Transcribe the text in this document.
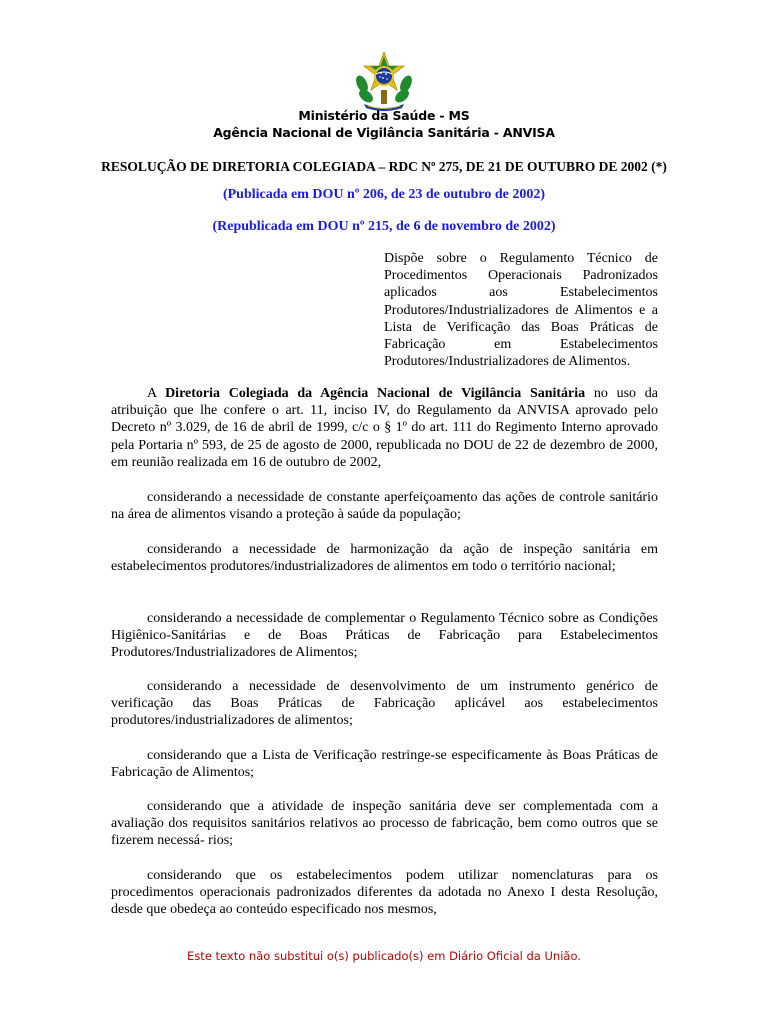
Ministério da Saúde - MS
Agência Nacional de Vigilância Sanitária - ANVISA
RESOLUÇÃO DE DIRETORIA COLEGIADA – RDC Nº 275, DE 21 DE OUTUBRO DE 2002 (*)
(Publicada em DOU nº 206, de 23 de outubro de 2002)
(Republicada em DOU nº 215, de 6 de novembro de 2002)
Dispõe sobre o Regulamento Técnico de Procedimentos Operacionais Padronizados aplicados aos Estabelecimentos Produtores/Industrializadores de Alimentos e a Lista de Verificação das Boas Práticas de Fabricação em Estabelecimentos Produtores/Industrializadores de Alimentos.

A Diretoria Colegiada da Agência Nacional de Vigilância Sanitária no uso da atribuição que lhe confere o art. 11, inciso IV, do Regulamento da ANVISA aprovado pelo Decreto nº 3.029, de 16 de abril de 1999, c/c o § 1º do art. 111 do Regimento Interno aprovado pela Portaria nº 593, de 25 de agosto de 2000, republicada no DOU de 22 de dezembro de 2000, em reunião realizada em 16 de outubro de 2002,

considerando a necessidade de constante aperfeiçoamento das ações de controle sanitário na área de alimentos visando a proteção à saúde da população;

considerando a necessidade de harmonização da ação de inspeção sanitária em estabelecimentos produtores/industrializadores de alimentos em todo o território nacional;

considerando a necessidade de complementar o Regulamento Técnico sobre as Condições Higiênico-Sanitárias e de Boas Práticas de Fabricação para Estabelecimentos Produtores/Industrializadores de Alimentos;

considerando a necessidade de desenvolvimento de um instrumento genérico de verificação das Boas Práticas de Fabricação aplicável aos estabelecimentos produtores/industrializadores de alimentos;

considerando que a Lista de Verificação restringe-se especificamente às Boas Práticas de Fabricação de Alimentos;

considerando que a atividade de inspeção sanitária deve ser complementada com a avaliação dos requisitos sanitários relativos ao processo de fabricação, bem como outros que se fizerem necessá- rios;

considerando que os estabelecimentos podem utilizar nomenclaturas para os procedimentos operacionais padronizados diferentes da adotada no Anexo I desta Resolução, desde que obedeça ao conteúdo especificado nos mesmos,

Este texto não substitui o(s) publicado(s) em Diário Oficial da União.
